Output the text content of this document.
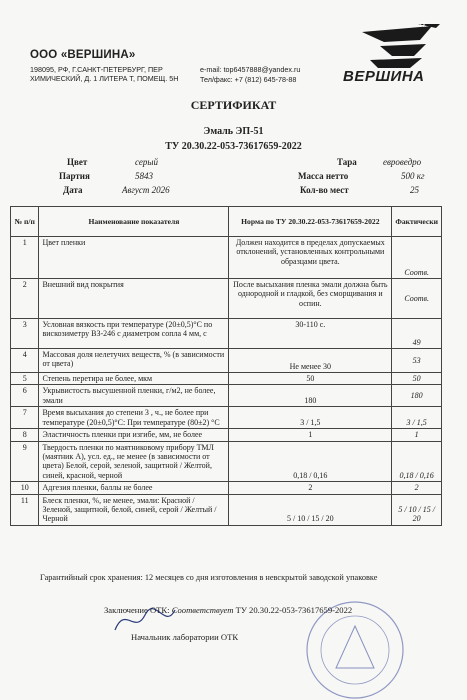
ООО «ВЕРШИНА»
198095, РФ, Г.САНКТ-ПЕТЕРБУРГ, ПЕР
ХИМИЧЕСКИЙ, Д. 1 ЛИТЕРА Т, ПОМЕЩ. 5Н
e-mail: top6457888@yandex.ru
Тел/факс: +7 (812) 645-78-88
ГК
ВЕРШИНА
СЕРТИФИКАТ
Эмаль ЭП-51
ТУ 20.30.22-053-73617659-2022
Цвет	серый
Партия	5843
Дата	Август 2026
Тара	евроведро
Масса нетто	500 кг
Кол-во мест	25
№ п/п	Наименование показателя	Норма по ТУ 20.30.22-053-73617659-2022	Фактически
1	Цвет пленки	Должен находится в пределах допускаемых отклонений, установленных контрольными образцами цвета.	Соотв.
2	Внешний вид покрытия	После высыхания пленка эмали должна быть однородной и гладкой, без сморщивания и оспин.	Соотв.
3	Условная вязкость при температуре (20±0,5)°С по вискозиметру ВЗ-246 с диаметром сопла 4 мм, с	30-110 с.	49
4	Массовая доля нелетучих веществ, % (в зависимости от цвета)	Не менее 30	53
5	Степень перетира не более, мкм	50	50
6	Укрывистость высушенной пленки, г/м2, не более, эмали	180	180
7	Время высыхания до степени 3 , ч., не более при температуре (20±0,5)°С: При температуре (80±2) °С	3 / 1,5	3 / 1,5
8	Эластичность пленки при изгибе, мм, не более	1	1
9	Твердость пленки по маятниковому прибору ТМЛ (маятник А), усл. ед., не менее (в зависимости от цвета) Белой, серой, зеленой, защитной / Желтой, синей, красной, черной	0,18 / 0,16	0,18 / 0,16
10	Адгезия пленки, баллы не более	2	2
11	Блеск пленки, %, не менее, эмали: Красной / Зеленой, защитной, белой, синей, серой / Желтый / Черной	5 / 10 / 15 / 20	5 / 10 / 15 / 20
Гарантийный срок хранения: 12 месяцев со дня изготовления в невскрытой заводской упаковке
Заключение ОТК: Соответствует ТУ 20.30.22-053-73617659-2022
Начальник лаборатории ОТК
